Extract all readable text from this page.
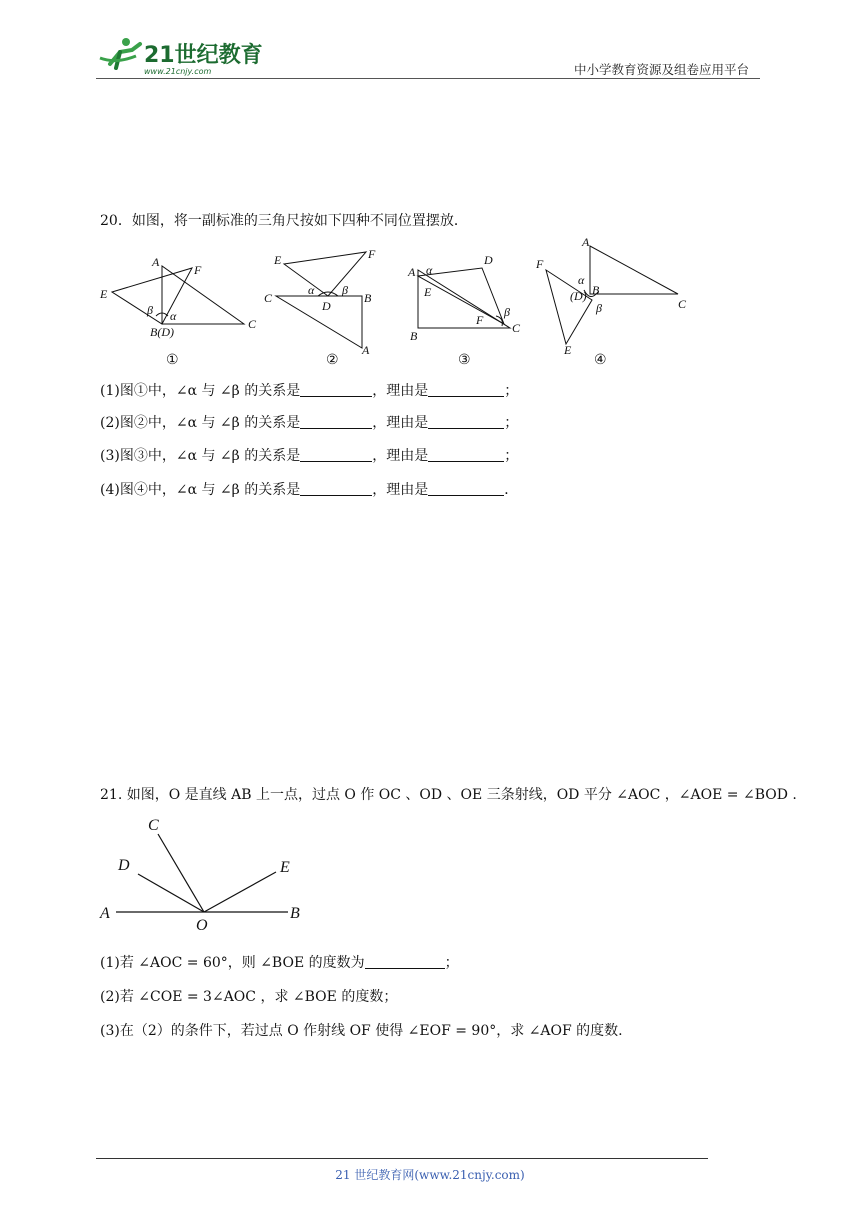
21世纪教育
www.21cnjy.com	中小学教育资源及组卷应用平台
20．如图，将一副标准的三角尺按如下四种不同位置摆放．
E
A
F
β α
B(D)
C
①
E	F
C
α β
D
B
A
②
A α
E
D
β
F
C
B
③
A
F
α
(D) B
β	C
E
④
(1)图①中，∠α 与 ∠β 的关系是	，理由是	；
(2)图②中，∠α 与 ∠β 的关系是	，理由是	；
(3)图③中，∠α 与 ∠β 的关系是	，理由是	；
(4)图④中，∠α 与 ∠β 的关系是	，理由是	．
21. 如图，O 是直线 AB 上一点，过点 O 作 OC 、OD 、OE 三条射线，OD 平分 ∠AOC ，∠AOE = ∠BOD .
C
D	E
A
O
B
(1)若 ∠AOC = 60°，则 ∠BOE 的度数为	；
(2)若 ∠COE = 3∠AOC ，求 ∠BOE 的度数；
(3)在（2）的条件下，若过点 O 作射线 OF 使得 ∠EOF = 90°，求 ∠AOF 的度数.
21 世纪教育网(www.21cnjy.com)
